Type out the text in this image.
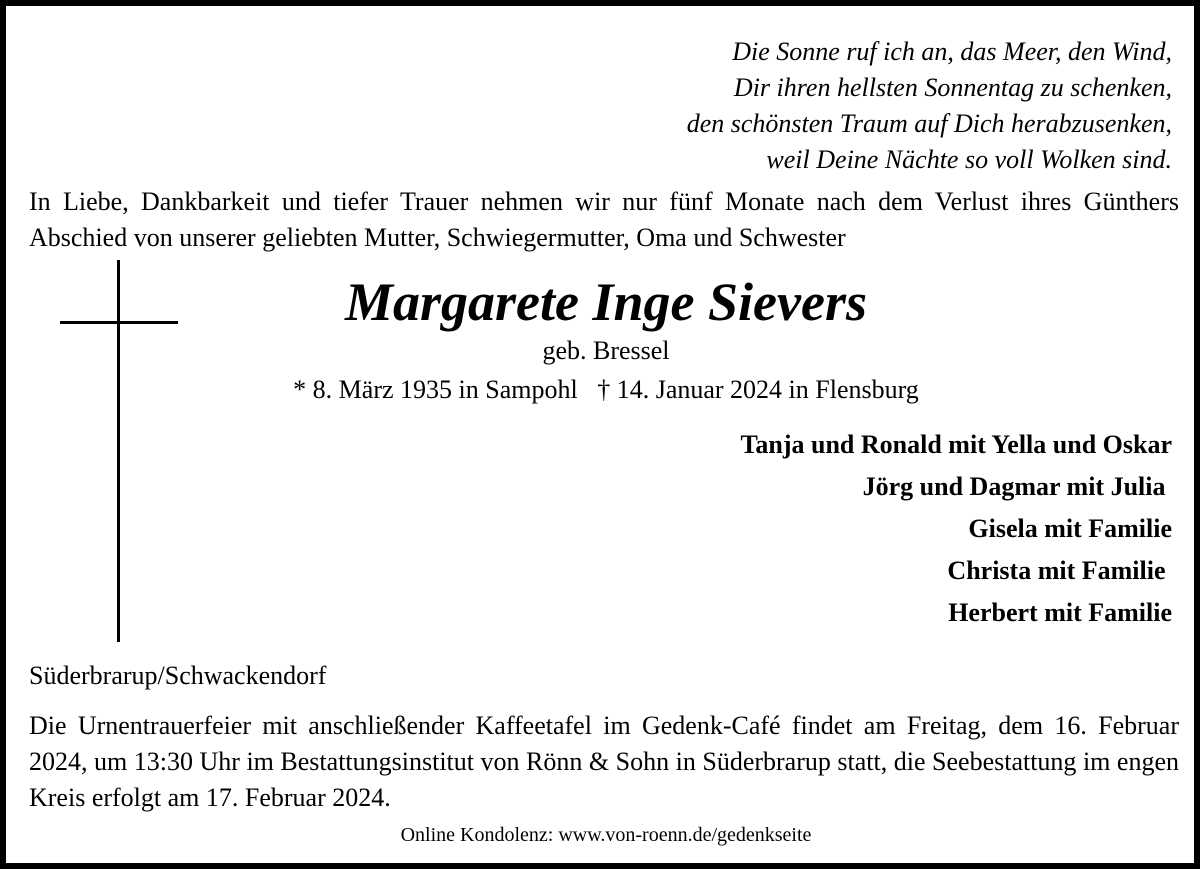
Die Sonne ruf ich an, das Meer, den Wind,
Dir ihren hellsten Sonnentag zu schenken,
den schönsten Traum auf Dich herabzusenken,
weil Deine Nächte so voll Wolken sind.
In Liebe, Dankbarkeit und tiefer Trauer nehmen wir nur fünf Monate nach dem Verlust ihres Günthers Abschied von unserer geliebten Mutter, Schwiegermutter, Oma und Schwester
Margarete Inge Sievers
geb. Bressel
* 8. März 1935 in Sampohl   † 14. Januar 2024 in Flensburg
Tanja und Ronald mit Yella und Oskar
Jörg und Dagmar mit Julia
Gisela mit Familie
Christa mit Familie
Herbert mit Familie
Süderbrarup/Schwackendorf
Die Urnentrauerfeier mit anschließender Kaffeetafel im Gedenk-Café findet am Freitag, dem 16. Februar 2024, um 13:30 Uhr im Bestattungsinstitut von Rönn & Sohn in Süderbrarup statt, die Seebestattung im engen Kreis erfolgt am 17. Februar 2024.
Online Kondolenz: www.von-roenn.de/gedenkseite
